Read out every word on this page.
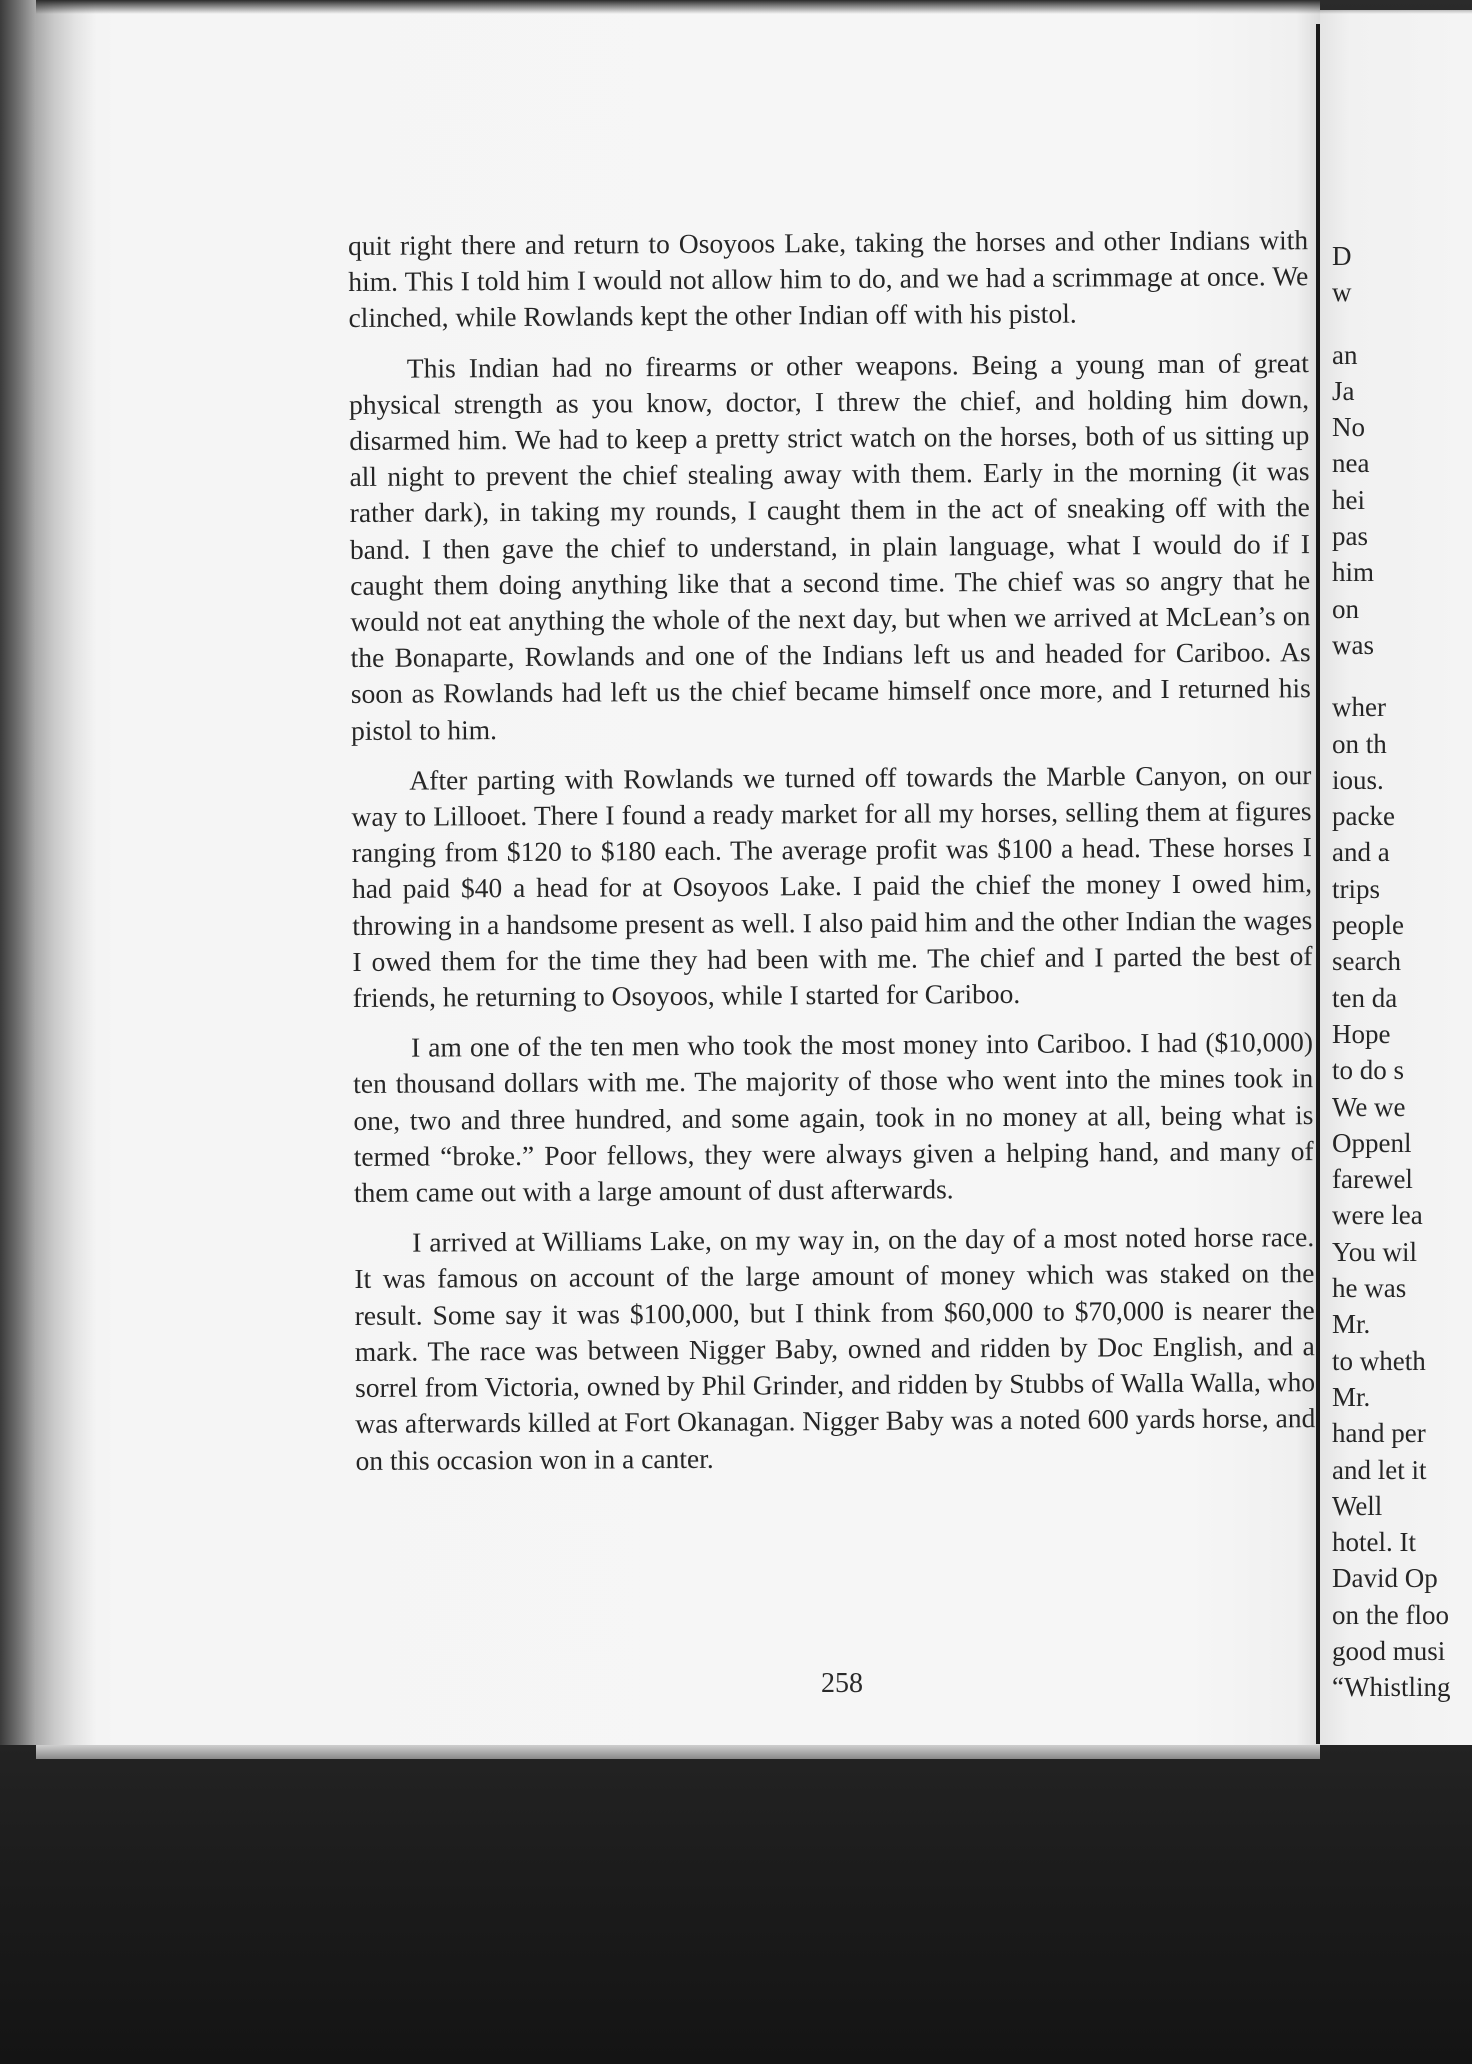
quit right there and return to Osoyoos Lake, taking the horses and other Indians with him. This I told him I would not allow him to do, and we had a scrimmage at once. We clinched, while Rowlands kept the other Indian off with his pistol.

This Indian had no firearms or other weapons. Being a young man of great physical strength as you know, doctor, I threw the chief, and holding him down, disarmed him. We had to keep a pretty strict watch on the horses, both of us sitting up all night to prevent the chief stealing away with them. Early in the morning (it was rather dark), in taking my rounds, I caught them in the act of sneaking off with the band. I then gave the chief to understand, in plain language, what I would do if I caught them doing anything like that a second time. The chief was so angry that he would not eat anything the whole of the next day, but when we arrived at McLean’s on the Bonaparte, Rowlands and one of the Indians left us and headed for Cariboo. As soon as Rowlands had left us the chief became himself once more, and I returned his pistol to him.

After parting with Rowlands we turned off towards the Marble Canyon, on our way to Lillooet. There I found a ready market for all my horses, selling them at figures ranging from $120 to $180 each. The average profit was $100 a head. These horses I had paid $40 a head for at Osoyoos Lake. I paid the chief the money I owed him, throwing in a handsome present as well. I also paid him and the other Indian the wages I owed them for the time they had been with me. The chief and I parted the best of friends, he returning to Osoyoos, while I started for Cariboo.

I am one of the ten men who took the most money into Cariboo. I had ($10,000) ten thousand dollars with me. The majority of those who went into the mines took in one, two and three hundred, and some again, took in no money at all, being what is termed “broke.” Poor fellows, they were always given a helping hand, and many of them came out with a large amount of dust afterwards.

I arrived at Williams Lake, on my way in, on the day of a most noted horse race. It was famous on account of the large amount of money which was staked on the result. Some say it was $100,000, but I think from $60,000 to $70,000 is nearer the mark. The race was between Nigger Baby, owned and ridden by Doc English, and a sorrel from Victoria, owned by Phil Grinder, and ridden by Stubbs of Walla Walla, who was afterwards killed at Fort Okanagan. Nigger Baby was a noted 600 yards horse, and on this occasion won in a canter.

258
D
w
an
Ja
No
nea
hei
pas
him
on
was
wher
on th
ious.
packe
and a
trips
people
search
ten da
Hope
to do s
We we
Oppenl
farewel
were lea
You wil
he was
Mr.
to wheth
Mr.
hand per
and let it
Well
hotel. It
David Op
on the floo
good musi
“Whistling
